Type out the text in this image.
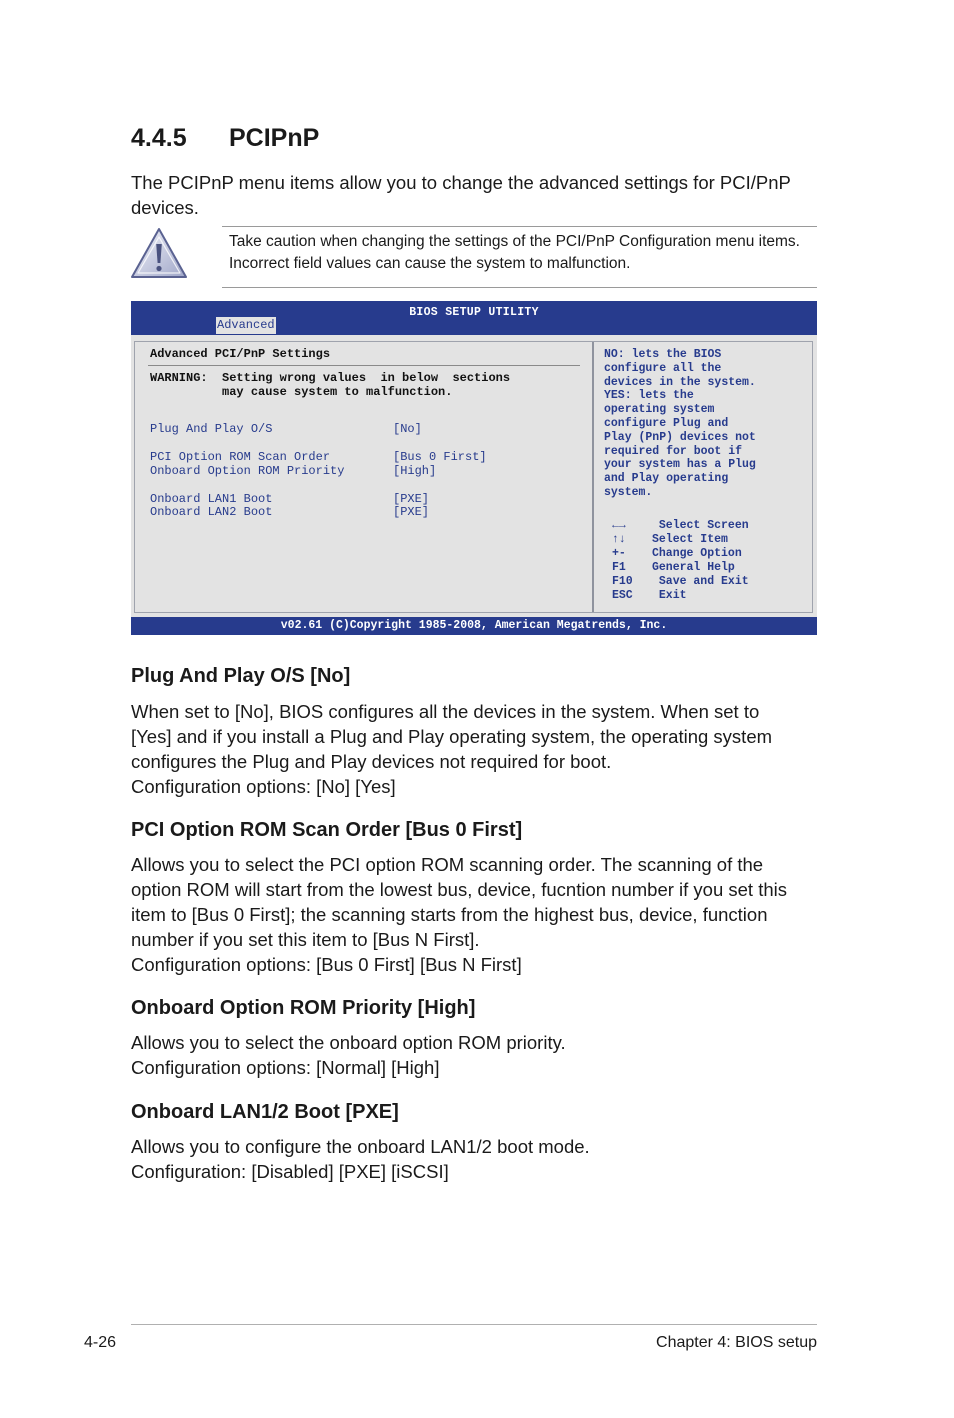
4.4.5 PCIPnP

The PCIPnP menu items allow you to change the advanced settings for PCI/PnP devices.

Take caution when changing the settings of the PCI/PnP Configuration menu items. Incorrect field values can cause the system to malfunction.

BIOS SETUP UTILITY
Advanced
Advanced PCI/PnP Settings
WARNING:  Setting wrong values  in below  sections
may cause system to malfunction.
Plug And Play O/S	[No]
PCI Option ROM Scan Order	[Bus 0 First]
Onboard Option ROM Priority	[High]
Onboard LAN1 Boot	[PXE]
Onboard LAN2 Boot	[PXE]
NO: lets the BIOS
configure all the
devices in the system.
YES: lets the
operating system
configure Plug and
Play (PnP) devices not
required for boot if
your system has a Plug
and Play operating
system.
←→ Select Screen
↑↓ Select Item
+- Change Option
F1 General Help
F10 Save and Exit
ESC Exit
v02.61 (C)Copyright 1985-2008, American Megatrends, Inc.
Plug And Play O/S [No]
When set to [No], BIOS configures all the devices in the system. When set to
[Yes] and if you install a Plug and Play operating system, the operating system
configures the Plug and Play devices not required for boot.
Configuration options: [No] [Yes]
PCI Option ROM Scan Order [Bus 0 First]
Allows you to select the PCI option ROM scanning order. The scanning of the
option ROM will start from the lowest bus, device, fucntion number if you set this
item to [Bus 0 First]; the scanning starts from the highest bus, device, function
number if you set this item to [Bus N First].
Configuration options: [Bus 0 First] [Bus N First]
Onboard Option ROM Priority [High]
Allows you to select the onboard option ROM priority.
Configuration options: [Normal] [High]
Onboard LAN1/2 Boot [PXE]
Allows you to configure the onboard LAN1/2 boot mode.
Configuration: [Disabled] [PXE] [iSCSI]
4-26	Chapter 4: BIOS setup
